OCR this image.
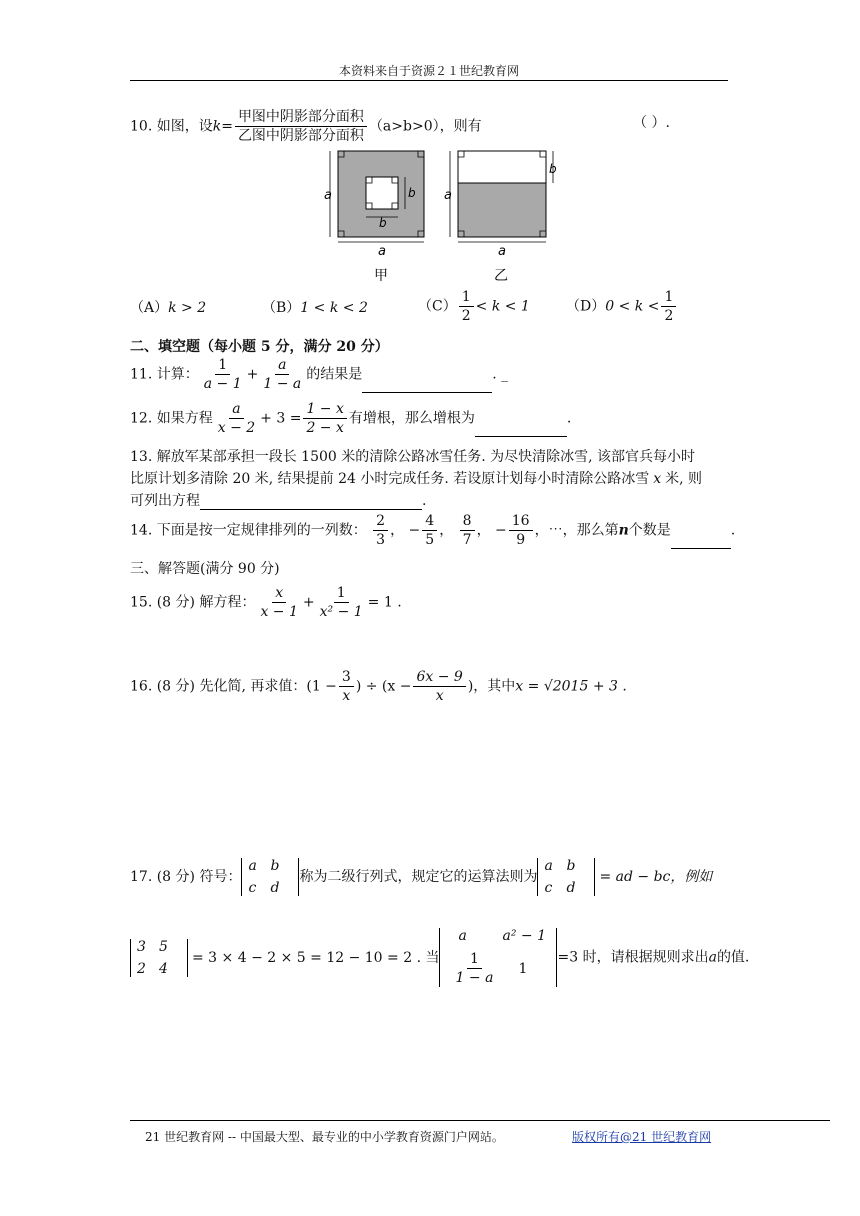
本资料来自于资源２１世纪教育网
10. 如图，设$k= \frac{\text{甲图中阴影部分面积}}{\text{乙图中阴影部分面积}} (a>b>0)$，则有	（ ）.
a
a
b
b
甲
a
a
b
乙
（A）k > 2	（B）1 < k < 2	$(C) \frac{1}{2} < k < 1$	$(D)0 < k < \frac{1}{2}$
二、填空题（每小题 5 分，满分 20 分）
11. 计算： $\frac{1}{a - 1} + \frac{a}{1 - a}$ 的结果是	. _
12. 如果方程 $\frac{a}{x - 2} + 3 = \frac{1 - x}{2 - x}$ 有增根，那么增根为	.
13. 解放军某部承担一段长 1500 米的清除公路冰雪任务. 为尽快清除冰雪, 该部官兵每小时
比原计划多清除 20 米, 结果提前 24 小时完成任务. 若设原计划每小时清除公路冰雪 x 米, 则
可列出方程	.
14. 下面是按一定规律排列的一列数： $\frac{2}{3}$ ， − $\frac{4}{5}$ ， $\frac{8}{7}$ ， − $\frac{16}{9}$ ，⋯，那么第n个数是	.
三、解答题(满分 90 分)
15. (8 分) 解方程： $\frac{x}{x - 1} + \frac{1}{\text{x² − 1}} = 1$ .
16. (8 分) 先化简, 再求值：($1 - \frac{3}{x}$ ) ÷ ($x - \frac{6x - 9}{x}$ )，其中x = √2015 + 3 .
17. (8 分) 符号：
a b
c	d
称为二级行列式，规定它的运算法则为
a b
c	d
= ad − bc，例如
3 5
2 4
= 3 × 4 − 2 × 5 = 12 − 10 = 2 . 当
a	a² − 1
$\frac{1}{1 - a}$	1
=3 时，请根据规则求出a的值.
21 世纪教育网 -- 中国最大型、最专业的中小学教育资源门户网站。	版权所有@21 世纪教育网
